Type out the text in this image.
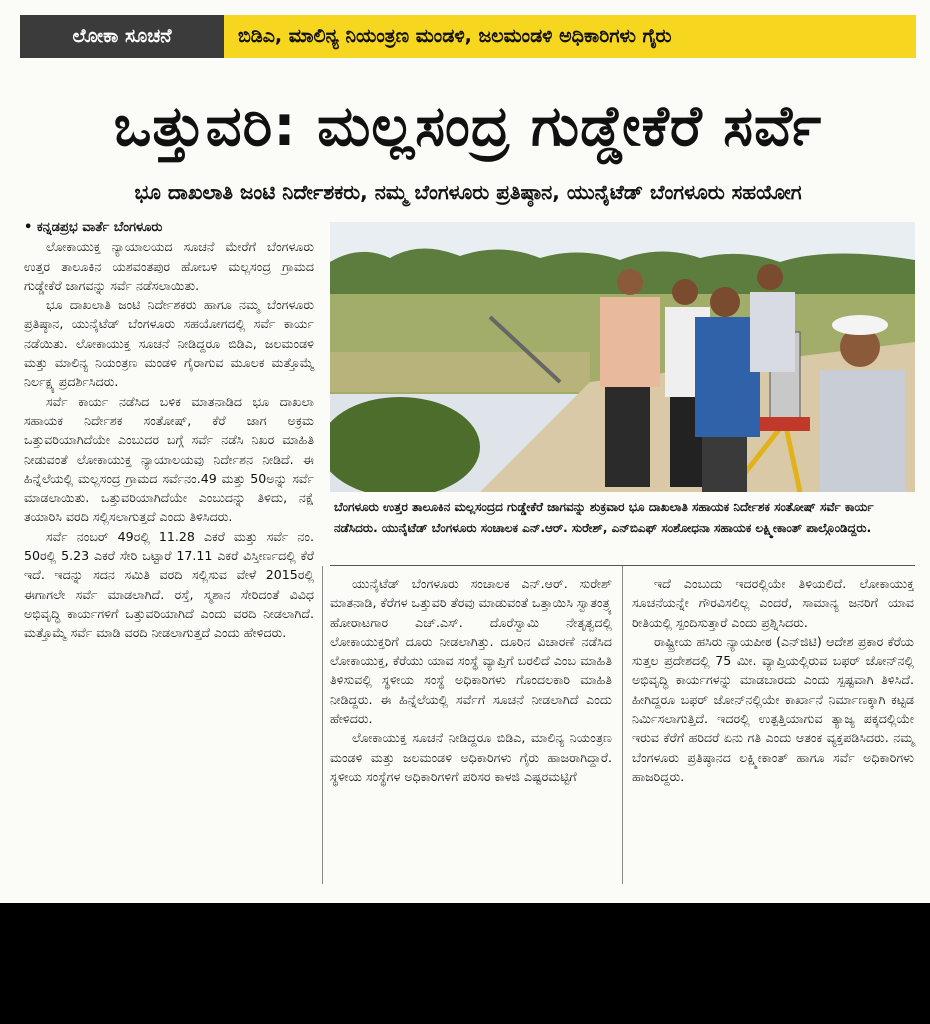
ಲೋಕಾ ಸೂಚನೆ	ಬಿಡಿಎ, ಮಾಲಿನ್ಯ ನಿಯಂತ್ರಣ ಮಂಡಳಿ, ಜಲಮಂಡಳಿ ಅಧಿಕಾರಿಗಳು ಗೈರು
ಒತ್ತುವರಿ: ಮಲ್ಲಸಂದ್ರ ಗುಡ್ಡೇಕೆರೆ ಸರ್ವೆ
ಭೂ ದಾಖಲಾತಿ ಜಂಟಿ ನಿರ್ದೇಶಕರು, ನಮ್ಮ ಬೆಂಗಳೂರು ಪ್ರತಿಷ್ಠಾನ, ಯುನೈಟೆಡ್ ಬೆಂಗಳೂರು ಸಹಯೋಗ

• ಕನ್ನಡಪ್ರಭ ವಾರ್ತೆ ಬೆಂಗಳೂರು

ಲೋಕಾಯುಕ್ತ ನ್ಯಾಯಾಲಯದ ಸೂಚನೆ ಮೇರೆಗೆ ಬೆಂಗಳೂರು ಉತ್ತರ ತಾಲೂಕಿನ ಯಶವಂತಪುರ ಹೋಬಳಿ ಮಲ್ಲಸಂದ್ರ ಗ್ರಾಮದ ಗುಡ್ಡೇಕೆರೆ ಜಾಗವನ್ನು ಸರ್ವೆ ನಡೆಸಲಾಯಿತು.

ಭೂ ದಾಖಲಾತಿ ಜಂಟಿ ನಿರ್ದೇಶಕರು ಹಾಗೂ ನಮ್ಮ ಬೆಂಗಳೂರು ಪ್ರತಿಷ್ಠಾನ, ಯುನೈಟೆಡ್ ಬೆಂಗಳೂರು ಸಹಯೋಗದಲ್ಲಿ ಸರ್ವೆ ಕಾರ್ಯ ನಡೆಯಿತು. ಲೋಕಾಯುಕ್ತ ಸೂಚನೆ ನೀಡಿದ್ದರೂ ಬಿಡಿಎ, ಜಲಮಂಡಳಿ ಮತ್ತು ಮಾಲಿನ್ಯ ನಿಯಂತ್ರಣ ಮಂಡಳಿ ಗೈರಾಗುವ ಮೂಲಕ ಮತ್ತೊಮ್ಮೆ ನಿರ್ಲಕ್ಷ್ಯ ಪ್ರದರ್ಶಿಸಿದರು.

ಸರ್ವೆ ಕಾರ್ಯ ನಡೆಸಿದ ಬಳಿಕ ಮಾತನಾಡಿದ ಭೂ ದಾಖಲಾ ಸಹಾಯಕ ನಿರ್ದೇಶಕ ಸಂತೋಷ್, ಕೆರೆ ಜಾಗ ಅಕ್ರಮ ಒತ್ತುವರಿಯಾಗಿದೆಯೇ ಎಂಬುದರ ಬಗ್ಗೆ ಸರ್ವೆ ನಡೆಸಿ ನಿಖರ ಮಾಹಿತಿ ನೀಡುವಂತೆ ಲೋಕಾಯುಕ್ತ ನ್ಯಾಯಾಲಯವು ನಿರ್ದೇಶನ ನೀಡಿದೆ. ಈ ಹಿನ್ನೆಲೆಯಲ್ಲಿ ಮಲ್ಲಸಂದ್ರ ಗ್ರಾಮದ ಸರ್ವೆನಂ.49 ಮತ್ತು 50ಅನ್ನು ಸರ್ವೆ ಮಾಡಲಾಯಿತು. ಒತ್ತುವರಿಯಾಗಿದೆಯೇ ಎಂಬುದನ್ನು ತಿಳಿದು, ನಕ್ಷೆ ತಯಾರಿಸಿ ವರದಿ ಸಲ್ಲಿಸಲಾಗುತ್ತದೆ ಎಂದು ತಿಳಿಸಿದರು.

ಸರ್ವೆ ನಂಬರ್ 49ರಲ್ಲಿ 11.28 ಎಕರೆ ಮತ್ತು ಸರ್ವೆ ನಂ. 50ರಲ್ಲಿ 5.23 ಎಕರೆ ಸೇರಿ ಒಟ್ಟಾರೆ 17.11 ಎಕರೆ ವಿಸ್ತೀರ್ಣದಲ್ಲಿ ಕೆರೆ ಇದೆ. ಇದನ್ನು ಸದನ ಸಮಿತಿ ವರದಿ ಸಲ್ಲಿಸುವ ವೇಳೆ 2015ರಲ್ಲಿ ಈಗಾಗಲೇ ಸರ್ವೆ ಮಾಡಲಾಗಿದೆ. ರಸ್ತೆ, ಸ್ಮಶಾನ ಸೇರಿದಂತೆ ವಿವಿಧ ಅಭಿವೃದ್ಧಿ ಕಾರ್ಯಗಳಿಗೆ ಒತ್ತುವರಿಯಾಗಿದೆ ಎಂದು ವರದಿ ನೀಡಲಾಗಿದೆ. ಮತ್ತೊಮ್ಮೆ ಸರ್ವೆ ಮಾಡಿ ವರದಿ ನೀಡಲಾಗುತ್ತದೆ ಎಂದು ಹೇಳಿದರು.

ಬೆಂಗಳೂರು ಉತ್ತರ ತಾಲೂಕಿನ ಮಲ್ಲಸಂದ್ರದ ಗುಡ್ಡೇಕೆರೆ ಜಾಗವನ್ನು ಶುಕ್ರವಾರ ಭೂ ದಾಖಲಾತಿ ಸಹಾಯಕ ನಿರ್ದೇಶಕ ಸಂತೋಷ್ ಸರ್ವೆ ಕಾರ್ಯ ನಡೆಸಿದರು. ಯುನೈಟೆಡ್ ಬೆಂಗಳೂರು ಸಂಚಾಲಕ ಎನ್.ಆರ್. ಸುರೇಶ್, ಎನ್‌ಬಿಎಫ್ ಸಂಶೋಧನಾ ಸಹಾಯಕ ಲಕ್ಷ್ಮೀಕಾಂತ್ ಪಾಲ್ಗೊಂಡಿದ್ದರು.

ಯುನೈಟೆಡ್ ಬೆಂಗಳೂರು ಸಂಚಾಲಕ ಎನ್.ಆರ್. ಸುರೇಶ್ ಮಾತನಾಡಿ, ಕೆರೆಗಳ ಒತ್ತುವರಿ ತೆರವು ಮಾಡುವಂತೆ ಒತ್ತಾಯಿಸಿ ಸ್ವಾತಂತ್ರ್ಯ ಹೋರಾಟಗಾರ ಎಚ್.ಎಸ್. ದೊರೆಸ್ವಾಮಿ ನೇತೃತ್ವದಲ್ಲಿ ಲೋಕಾಯುಕ್ತರಿಗೆ ದೂರು ನೀಡಲಾಗಿತ್ತು. ದೂರಿನ ವಿಚಾರಣೆ ನಡೆಸಿದ ಲೋಕಾಯುಕ್ತ, ಕೆರೆಯು ಯಾವ ಸಂಸ್ಥೆ ವ್ಯಾಪ್ತಿಗೆ ಬರಲಿದೆ ಎಂಬ ಮಾಹಿತಿ ತಿಳಿಸುವಲ್ಲಿ ಸ್ಥಳೀಯ ಸಂಸ್ಥೆ ಅಧಿಕಾರಿಗಳು ಗೊಂದಲಕಾರಿ ಮಾಹಿತಿ ನೀಡಿದ್ದರು. ಈ ಹಿನ್ನೆಲೆಯಲ್ಲಿ ಸರ್ವೆಗೆ ಸೂಚನೆ ನೀಡಲಾಗಿದೆ ಎಂದು ಹೇಳಿದರು.

ಲೋಕಾಯುಕ್ತ ಸೂಚನೆ ನೀಡಿದ್ದರೂ ಬಿಡಿಎ, ಮಾಲಿನ್ಯ ನಿಯಂತ್ರಣ ಮಂಡಳಿ ಮತ್ತು ಜಲಮಂಡಳಿ ಅಧಿಕಾರಿಗಳು ಗೈರು ಹಾಜರಾಗಿದ್ದಾರೆ. ಸ್ಥಳೀಯ ಸಂಸ್ಥೆಗಳ ಅಧಿಕಾರಿಗಳಿಗೆ ಪರಿಸರ ಕಾಳಜಿ ಎಷ್ಟರಮಟ್ಟಿಗೆ

ಇದೆ ಎಂಬುದು ಇದರಲ್ಲಿಯೇ ತಿಳಿಯಲಿದೆ. ಲೋಕಾಯುಕ್ತ ಸೂಚನೆಯನ್ನೇ ಗೌರವಿಸಲಿಲ್ಲ ಎಂದರೆ, ಸಾಮಾನ್ಯ ಜನರಿಗೆ ಯಾವ ರೀತಿಯಲ್ಲಿ ಸ್ಪಂದಿಸುತ್ತಾರೆ ಎಂದು ಪ್ರಶ್ನಿಸಿದರು.

ರಾಷ್ಟ್ರೀಯ ಹಸಿರು ನ್ಯಾಯಪೀಠ (ಎನ್‌ಜಿಟಿ) ಆದೇಶ ಪ್ರಕಾರ ಕೆರೆಯ ಸುತ್ತಲ ಪ್ರದೇಶದಲ್ಲಿ 75 ಮೀ. ವ್ಯಾಪ್ತಿಯಲ್ಲಿರುವ ಬಫರ್ ಜೋನ್‌ನಲ್ಲಿ ಅಭಿವೃದ್ಧಿ ಕಾರ್ಯಗಳನ್ನು ಮಾಡಬಾರದು ಎಂದು ಸ್ಪಷ್ಟವಾಗಿ ತಿಳಿಸಿದೆ. ಹೀಗಿದ್ದರೂ ಬಫರ್ ಜೋನ್‌ನಲ್ಲಿಯೇ ಕಾರ್ಖಾನೆ ನಿರ್ಮಾಣಕ್ಕಾಗಿ ಕಟ್ಟಡ ನಿರ್ಮಿಸಲಾಗುತ್ತಿದೆ. ಇದರಲ್ಲಿ ಉತ್ಪತ್ತಿಯಾಗುವ ತ್ಯಾಜ್ಯ ಪಕ್ಕದಲ್ಲಿಯೇ ಇರುವ ಕೆರೆಗೆ ಹರಿದರೆ ಏನು ಗತಿ ಎಂದು ಆತಂಕ ವ್ಯಕ್ತಪಡಿಸಿದರು. ನಮ್ಮ ಬೆಂಗಳೂರು ಪ್ರತಿಷ್ಠಾನದ ಲಕ್ಷ್ಮೀಕಾಂತ್ ಹಾಗೂ ಸರ್ವೆ ಅಧಿಕಾರಿಗಳು ಹಾಜರಿದ್ದರು.
